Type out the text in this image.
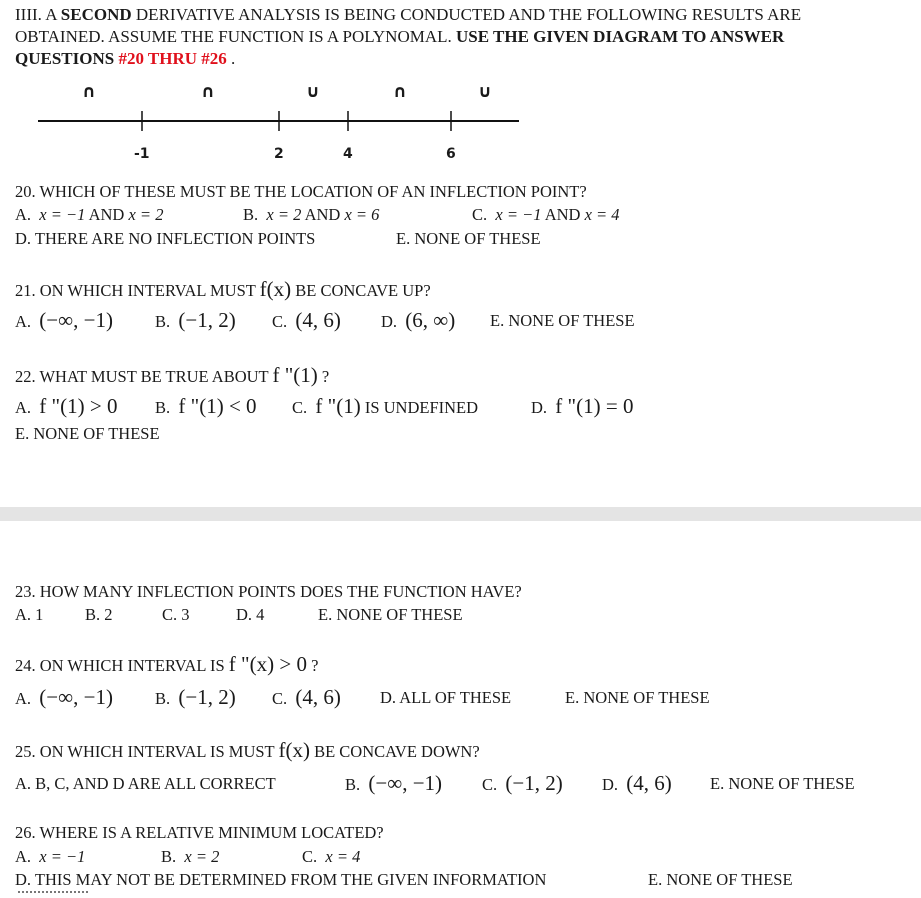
IIII. A SECOND DERIVATIVE ANALYSIS IS BEING CONDUCTED AND THE FOLLOWING RESULTS ARE
OBTAINED. ASSUME THE FUNCTION IS A POLYNOMAL. USE THE GIVEN DIAGRAM TO ANSWER
QUESTIONS #20 THRU #26 .
∩	∩	∪	∩	∪
-1	2	4	6
20. WHICH OF THESE MUST BE THE LOCATION OF AN INFLECTION POINT?
A. x = −1 AND x = 2	B. x = 2 AND x = 6	C. x = −1 AND x = 4
D. THERE ARE NO INFLECTION POINTS	E. NONE OF THESE
21. ON WHICH INTERVAL MUST f(x) BE CONCAVE UP?
A. (−∞, −1)	B. (−1, 2) C. (4, 6) D. (6, ∞) E. NONE OF THESE
22. WHAT MUST BE TRUE ABOUT f "(1) ?
A. f "(1) > 0 B. f "(1) < 0 C. f "(1) IS UNDEFINED	D. f "(1) = 0
E. NONE OF THESE
23. HOW MANY INFLECTION POINTS DOES THE FUNCTION HAVE?
A. 1	B. 2	C. 3	D. 4	E. NONE OF THESE
24. ON WHICH INTERVAL IS f "(x) > 0 ?
A. (−∞, −1)	B. (−1, 2) C. (4, 6) D. ALL OF THESE	E. NONE OF THESE
25. ON WHICH INTERVAL IS MUST f(x) BE CONCAVE DOWN?
A. B, C, AND D ARE ALL CORRECT	B. (−∞, −1) C. (−1, 2) D. (4, 6) E. NONE OF THESE
26. WHERE IS A RELATIVE MINIMUM LOCATED?
A. x = −1	B. x = 2	C. x = 4
D. THIS MAY NOT BE DETERMINED FROM THE GIVEN INFORMATION	E. NONE OF THESE
